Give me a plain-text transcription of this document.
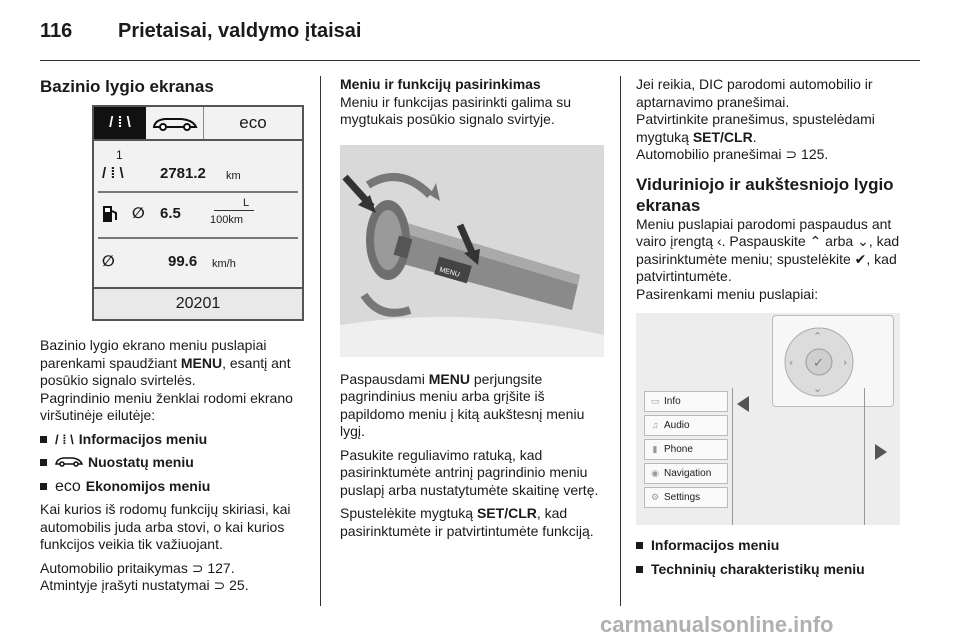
116 Prietaisai, valdymo įtaisai
Bazinio lygio ekranas
/ ⁞ \	eco
1
/ ⁞ \ 2781.2 km
∅ 6.5
L
100km
∅	99.6 km/h
20201

Bazinio lygio ekrano meniu puslapiai parenkami spaudžiant MENU, esantį ant posūkio signalo svirtelės.

Pagrindinio meniu ženklai rodomi ekrano viršutinėje eilutėje:

/ ⁞ \ Informacijos meniu
Nuostatų meniu
eco Ekonomijos meniu

Kai kurios iš rodomų funkcijų skiriasi, kai automobilis juda arba stovi, o kai kurios funkcijos veikia tik važiuojant.

Automobilio pritaikymas ⊃ 127.

Atmintyje įrašyti nustatymai ⊃ 25.

Meniu ir funkcijų pasirinkimas

Meniu ir funkcijas pasirinkti galima su mygtukais posūkio signalo svirtyje.

MENU

Paspausdami MENU perjungsite pagrindinius meniu arba grįšite iš papildomo meniu į kitą aukštesnį meniu lygį.

Pasukite reguliavimo ratuką, kad pasirinktumėte antrinį pagrindinio meniu puslapį arba nustatytumėte skaitinę vertę.

Spustelėkite mygtuką SET/CLR, kad pasirinktumėte ir patvirtintumėte funkciją.

Jei reikia, DIC parodomi automobilio ir aptarnavimo pranešimai.

Patvirtinkite pranešimus, spustelėdami mygtuką SET/CLR.

Automobilio pranešimai ⊃ 125.

Viduriniojo ir aukštesniojo lygio ekranas

Meniu puslapiai parodomi paspaudus ant vairo įrengtą ‹. Paspauskite ⌃ arba ⌄, kad pasirinktumėte meniu; spustelėkite ✔, kad patvirtintumėte.

Pasirenkami meniu puslapiai:

✓
⌃
⌄
‹	›
▭ Info
♫ Audio
▮ Phone
◉ Navigation
⚙ Settings
Informacijos meniu
Techninių charakteristikų meniu
carmanualsonline.info
